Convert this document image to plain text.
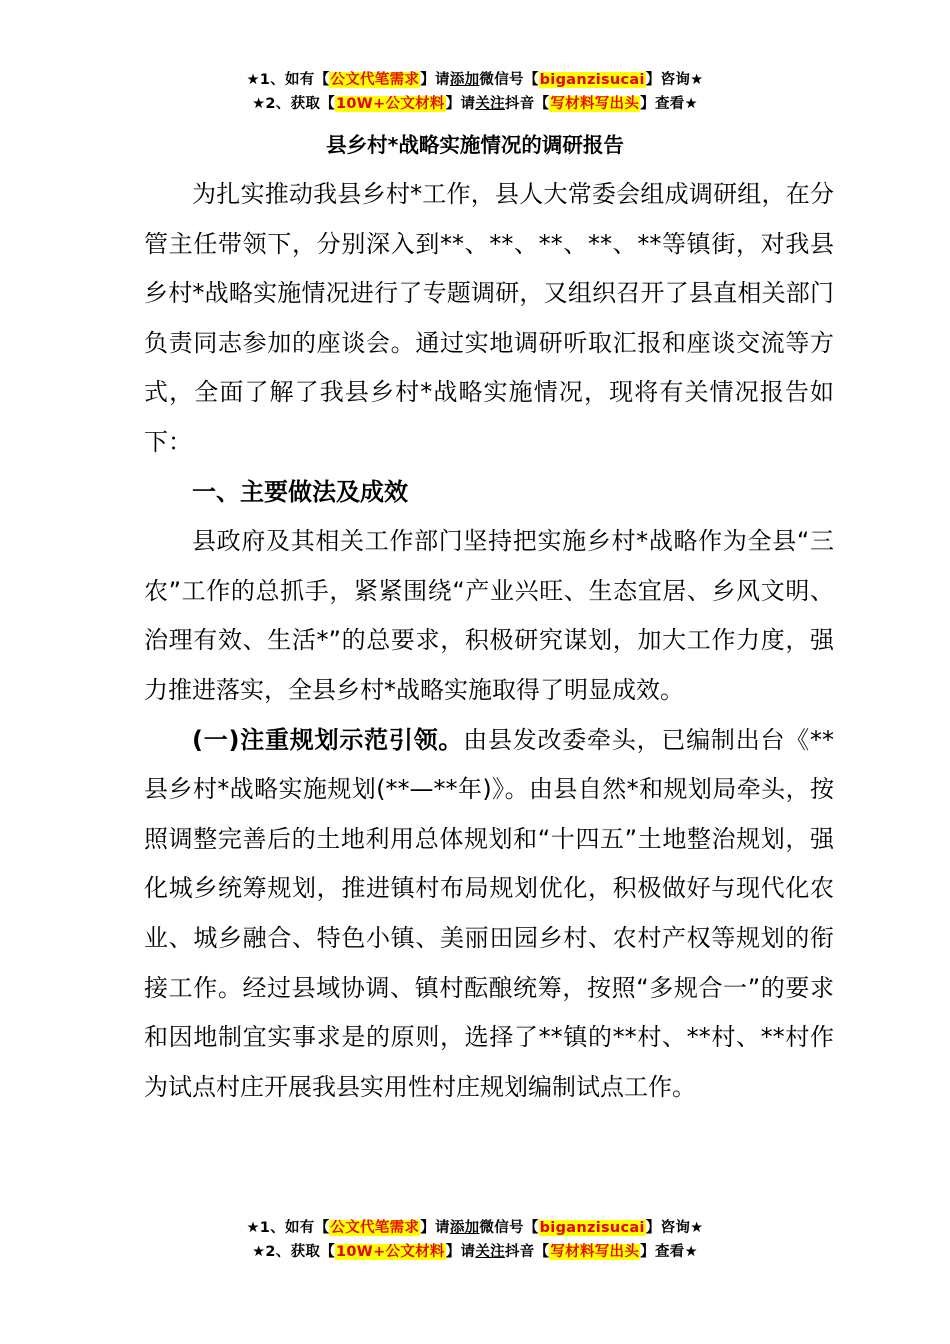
★1、如有【公文代笔需求】请添加微信号【biganzisucai】咨询★
★2、获取【10W+公文材料】请关注抖音【写材料写出头】查看★
县乡村*战略实施情况的调研报告

为扎实推动我县乡村*工作，县人大常委会组成调研组，在分管主任带领下，分别深入到**、**、**、**、**等镇街，对我县乡村*战略实施情况进行了专题调研，又组织召开了县直相关部门负责同志参加的座谈会。通过实地调研听取汇报和座谈交流等方式，全面了解了我县乡村*战略实施情况，现将有关情况报告如下：

一、主要做法及成效

县政府及其相关工作部门坚持把实施乡村*战略作为全县“三农”工作的总抓手，紧紧围绕“产业兴旺、生态宜居、乡风文明、治理有效、生活*”的总要求，积极研究谋划，加大工作力度，强力推进落实，全县乡村*战略实施取得了明显成效。

(一)注重规划示范引领。由县发改委牵头，已编制出台《**县乡村*战略实施规划(**—**年)》。由县自然*和规划局牵头，按照调整完善后的土地利用总体规划和“十四五”土地整治规划，强化城乡统筹规划，推进镇村布局规划优化，积极做好与现代化农业、城乡融合、特色小镇、美丽田园乡村、农村产权等规划的衔接工作。经过县域协调、镇村酝酿统筹，按照“多规合一”的要求和因地制宜实事求是的原则，选择了**镇的**村、**村、**村作为试点村庄开展我县实用性村庄规划编制试点工作。

★1、如有【公文代笔需求】请添加微信号【biganzisucai】咨询★
★2、获取【10W+公文材料】请关注抖音【写材料写出头】查看★
